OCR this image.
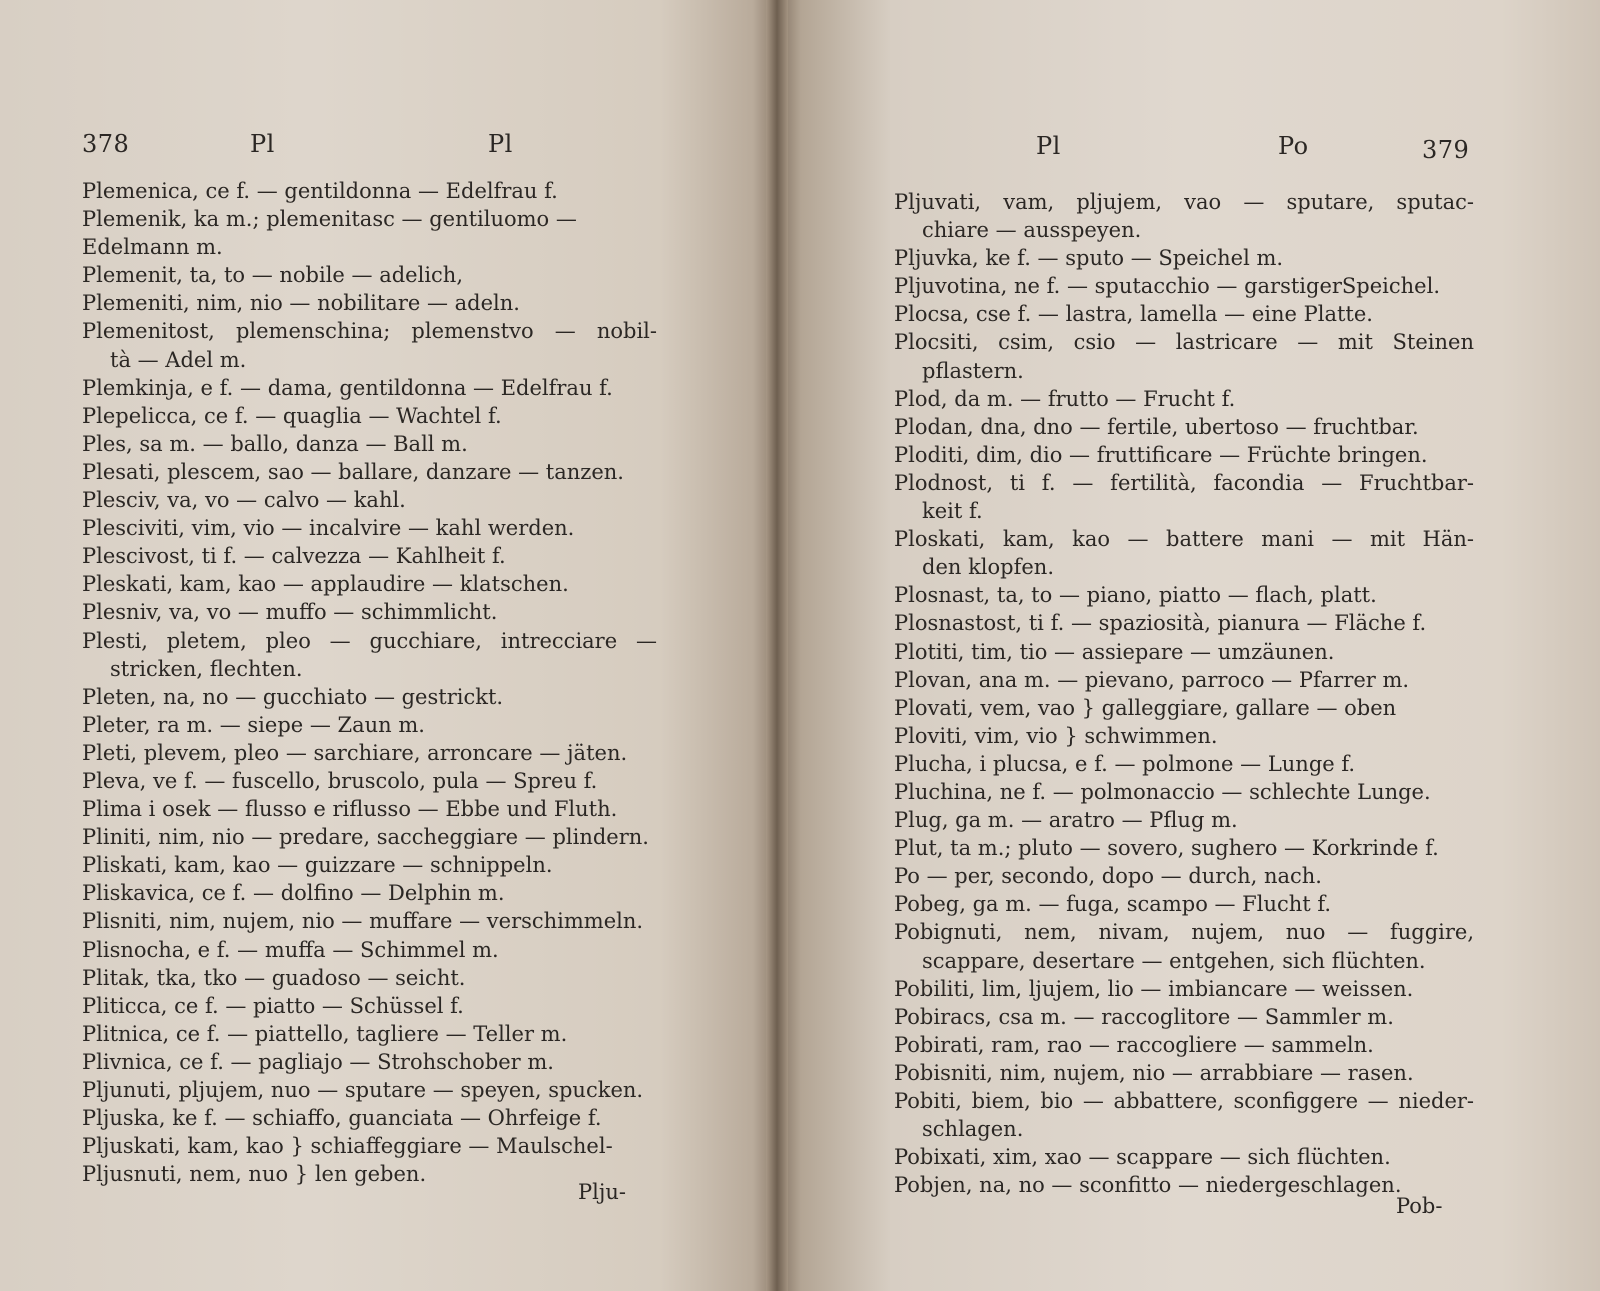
378	Pl	Pl
Plemenica, ce f. — gentildonna — Edelfrau f.
Plemenik, ka m.; plemenitasc — gentiluomo —
Edelmann m.
Plemenit, ta, to — nobile — adelich,
Plemeniti, nim, nio — nobilitare — adeln.
Plemenitost, plemenschina; plemenstvo — nobil-
tà — Adel m.
Plemkinja, e f. — dama, gentildonna — Edelfrau f.
Plepelicca, ce f. — quaglia — Wachtel f.
Ples, sa m. — ballo, danza — Ball m.
Plesati, plescem, sao — ballare, danzare — tanzen.
Plesciv, va, vo — calvo — kahl.
Plesciviti, vim, vio — incalvire — kahl werden.
Plescivost, ti f. — calvezza — Kahlheit f.
Pleskati, kam, kao — applaudire — klatschen.
Plesniv, va, vo — muffo — schimmlicht.
Plesti, pletem, pleo — gucchiare, intrecciare —
stricken, flechten.
Pleten, na, no — gucchiato — gestrickt.
Pleter, ra m. — siepe — Zaun m.
Pleti, plevem, pleo — sarchiare, arroncare — jäten.
Pleva, ve f. — fuscello, bruscolo, pula — Spreu f.
Plima i osek — flusso e riflusso — Ebbe und Fluth.
Pliniti, nim, nio — predare, saccheggiare — plindern.
Pliskati, kam, kao — guizzare — schnippeln.
Pliskavica, ce f. — dolfino — Delphin m.
Plisniti, nim, nujem, nio — muffare — verschimmeln.
Plisnocha, e f. — muffa — Schimmel m.
Plitak, tka, tko — guadoso — seicht.
Pliticca, ce f. — piatto — Schüssel f.
Plitnica, ce f. — piattello, tagliere — Teller m.
Plivnica, ce f. — pagliajo — Strohschober m.
Pljunuti, pljujem, nuo — sputare — speyen, spucken.
Pljuska, ke f. — schiaffo, guanciata — Ohrfeige f.
Pljuskati, kam, kao } schiaffeggiare — Maulschel-
Pljusnuti, nem, nuo } len geben.
Plju-
Pl	Po	379
Pljuvati, vam, pljujem, vao — sputare, sputac-
chiare — ausspeyen.
Pljuvka, ke f. — sputo — Speichel m.
Pljuvotina, ne f. — sputacchio — garstigerSpeichel.
Plocsa, cse f. — lastra, lamella — eine Platte.
Plocsiti, csim, csio — lastricare — mit Steinen
pflastern.
Plod, da m. — frutto — Frucht f.
Plodan, dna, dno — fertile, ubertoso — fruchtbar.
Ploditi, dim, dio — fruttificare — Früchte bringen.
Plodnost, ti f. — fertilità, facondia — Fruchtbar-
keit f.
Ploskati, kam, kao — battere mani — mit Hän-
den klopfen.
Plosnast, ta, to — piano, piatto — flach, platt.
Plosnastost, ti f. — spaziosità, pianura — Fläche f.
Plotiti, tim, tio — assiepare — umzäunen.
Plovan, ana m. — pievano, parroco — Pfarrer m.
Plovati, vem, vao } galleggiare, gallare — oben
Ploviti, vim, vio } schwimmen.
Plucha, i plucsa, e f. — polmone — Lunge f.
Pluchina, ne f. — polmonaccio — schlechte Lunge.
Plug, ga m. — aratro — Pflug m.
Plut, ta m.; pluto — sovero, sughero — Korkrinde f.
Po — per, secondo, dopo — durch, nach.
Pobeg, ga m. — fuga, scampo — Flucht f.
Pobignuti, nem, nivam, nujem, nuo — fuggire,
scappare, desertare — entgehen, sich flüchten.
Pobiliti, lim, ljujem, lio — imbiancare — weissen.
Pobiracs, csa m. — raccoglitore — Sammler m.
Pobirati, ram, rao — raccogliere — sammeln.
Pobisniti, nim, nujem, nio — arrabbiare — rasen.
Pobiti, biem, bio — abbattere, sconfiggere — nieder-
schlagen.
Pobixati, xim, xao — scappare — sich flüchten.
Pobjen, na, no — sconfitto — niedergeschlagen.
Pob-
